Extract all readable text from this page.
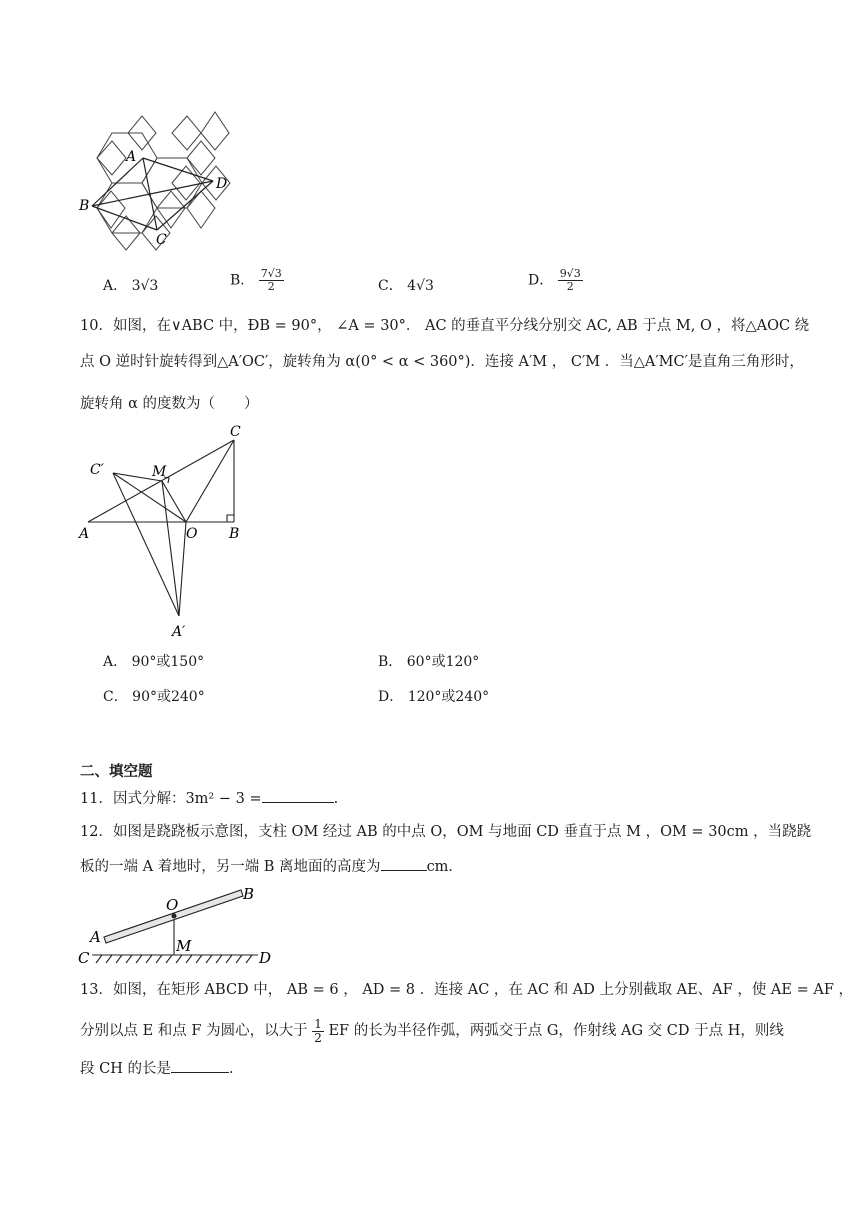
A
B
C
D
A． 3√3	B． $\frac{7√3}{2}$	C． 4√3	D． $\frac{9√3}{2}$
10．如图，在∨ABC 中，ÐB = 90°， ∠A = 30°． AC 的垂直平分线分别交 AC, AB 于点 M, O ，将△AOC 绕
点 O 逆时针旋转得到△A′OC′，旋转角为 α(0° < α < 360°)．连接 A′M ， C′M ．当△A′MC′是直角三角形时，
旋转角 α 的度数为（　　）
C
C′	M
A	O B
A′
A． 90°或150°	B． 60°或120°
C． 90°或240°	D． 120°或240°
二、填空题
11．因式分解：3m² − 3 =	.
12．如图是跷跷板示意图，支柱 OM 经过 AB 的中点 O，OM 与地面 CD 垂直于点 M ，OM = 30cm ，当跷跷
板的一端 A 着地时，另一端 B 离地面的高度为	cm．
O
B
A	M
C	D
13．如图，在矩形 ABCD 中， AB = 6 ， AD = 8 ．连接 AC ，在 AC 和 AD 上分别截取 AE、AF ，使 AE = AF ，
分别以点 E 和点 F 为圆心，以大于 $\frac{1}{2}$ EF 的长为半径作弧，两弧交于点 G，作射线 AG 交 CD 于点 H，则线
段 CH 的长是	.
